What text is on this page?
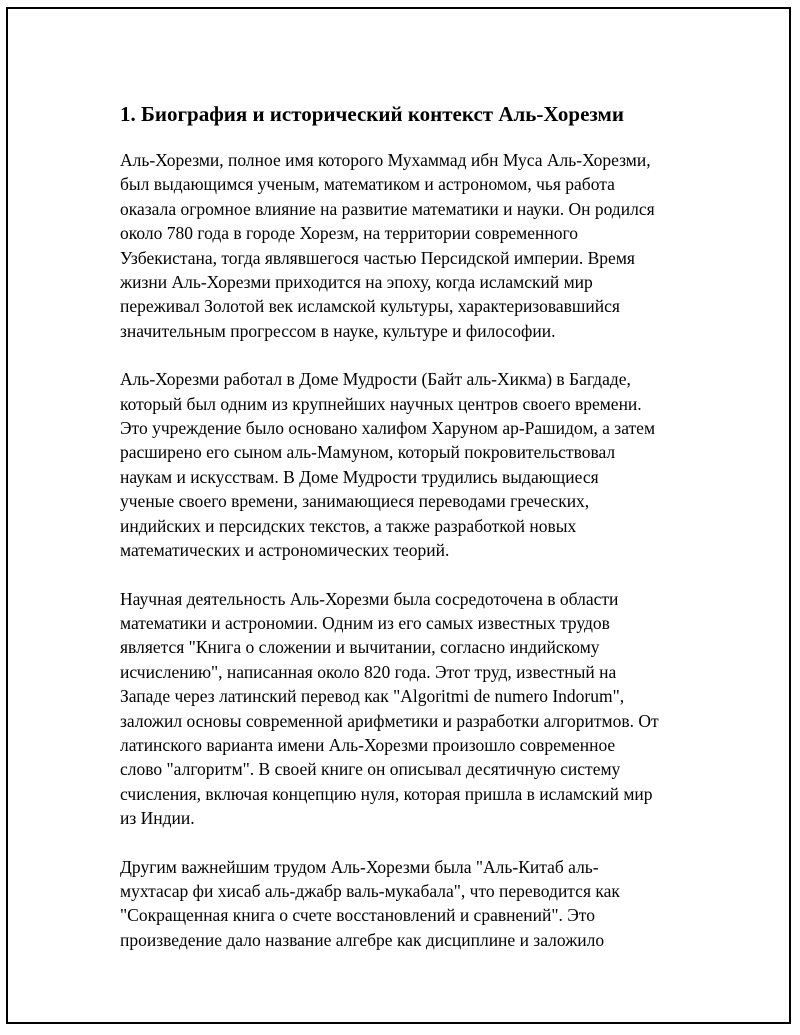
1. Биография и исторический контекст Аль-Хорезми

Аль-Хорезми, полное имя которого Мухаммад ибн Муса Аль-Хорезми,
был выдающимся ученым, математиком и астрономом, чья работа
оказала огромное влияние на развитие математики и науки. Он родился
около 780 года в городе Хорезм, на территории современного
Узбекистана, тогда являвшегося частью Персидской империи. Время
жизни Аль-Хорезми приходится на эпоху, когда исламский мир
переживал Золотой век исламской культуры, характеризовавшийся
значительным прогрессом в науке, культуре и философии.

Аль-Хорезми работал в Доме Мудрости (Байт аль-Хикма) в Багдаде,
который был одним из крупнейших научных центров своего времени.
Это учреждение было основано халифом Харуном ар-Рашидом, а затем
расширено его сыном аль-Мамуном, который покровительствовал
наукам и искусствам. В Доме Мудрости трудились выдающиеся
ученые своего времени, занимающиеся переводами греческих,
индийских и персидских текстов, а также разработкой новых
математических и астрономических теорий.

Научная деятельность Аль-Хорезми была сосредоточена в области
математики и астрономии. Одним из его самых известных трудов
является "Книга о сложении и вычитании, согласно индийскому
исчислению", написанная около 820 года. Этот труд, известный на
Западе через латинский перевод как "Algoritmi de numero Indorum",
заложил основы современной арифметики и разработки алгоритмов. От
латинского варианта имени Аль-Хорезми произошло современное
слово "алгоритм". В своей книге он описывал десятичную систему
счисления, включая концепцию нуля, которая пришла в исламский мир
из Индии.

Другим важнейшим трудом Аль-Хорезми была "Аль-Китаб аль-
мухтасар фи хисаб аль-джабр валь-мукабала", что переводится как
"Сокращенная книга о счете восстановлений и сравнений". Это
произведение дало название алгебре как дисциплине и заложило
